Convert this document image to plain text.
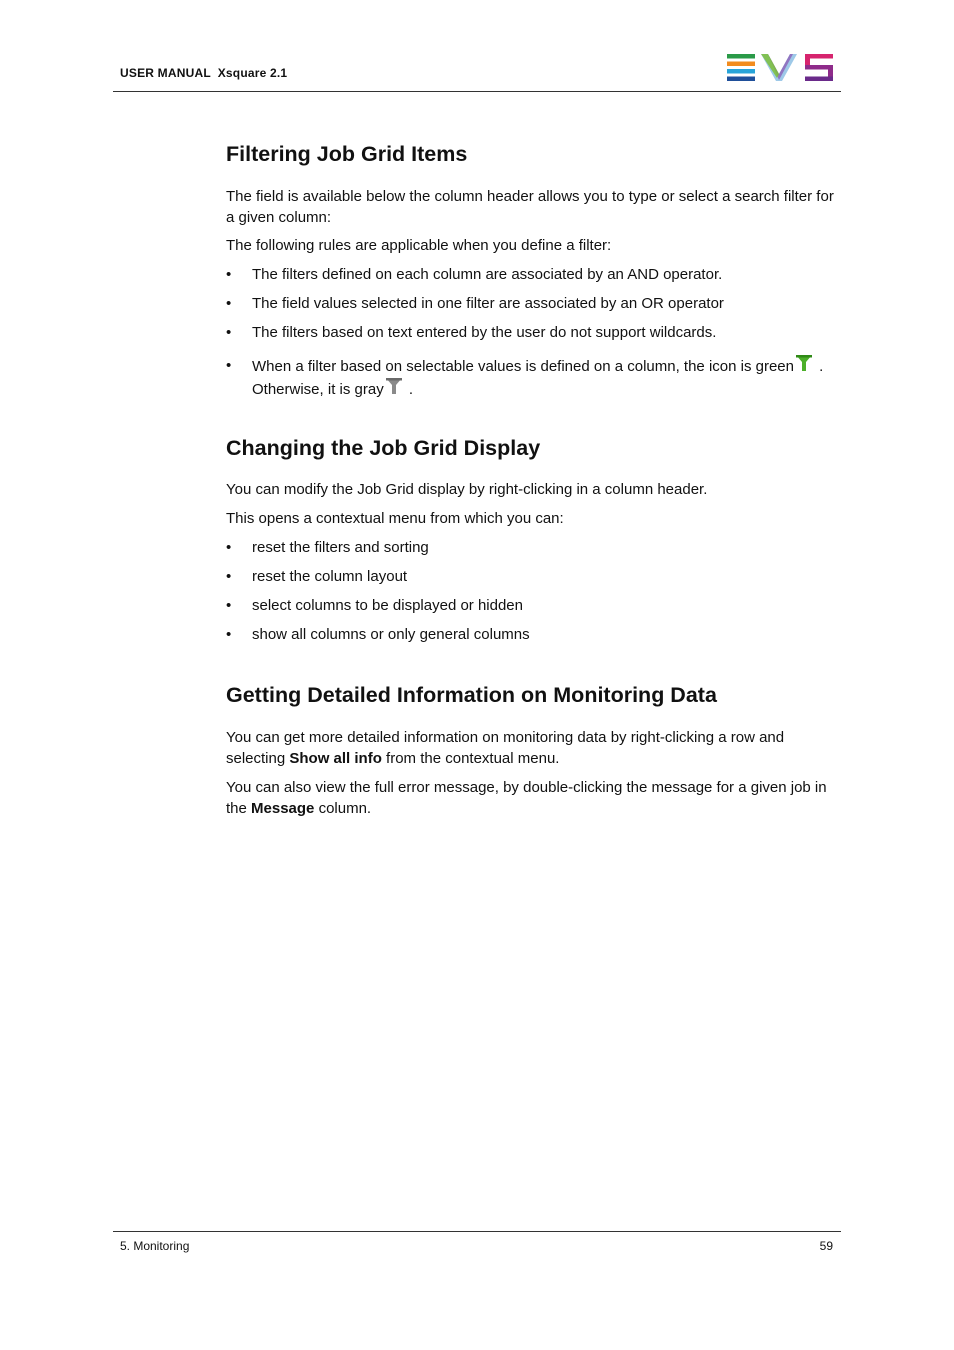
USER MANUAL  Xsquare 2.1
Filtering Job Grid Items

The field is available below the column header allows you to type or select a search filter for a given column:

The following rules are applicable when you define a filter:

• The filters defined on each column are associated by an AND operator.
• The field values selected in one filter are associated by an OR operator
• The filters based on text entered by the user do not support wildcards.
• When a filter based on selectable values is defined on a column, the icon is green .
Otherwise, it is gray .
Changing the Job Grid Display

You can modify the Job Grid display by right-clicking in a column header.

This opens a contextual menu from which you can:

• reset the filters and sorting
• reset the column layout
• select columns to be displayed or hidden
• show all columns or only general columns
Getting Detailed Information on Monitoring Data

You can get more detailed information on monitoring data by right-clicking a row and selecting Show all info from the contextual menu.

You can also view the full error message, by double-clicking the message for a given job in the Message column.

5. Monitoring	59
